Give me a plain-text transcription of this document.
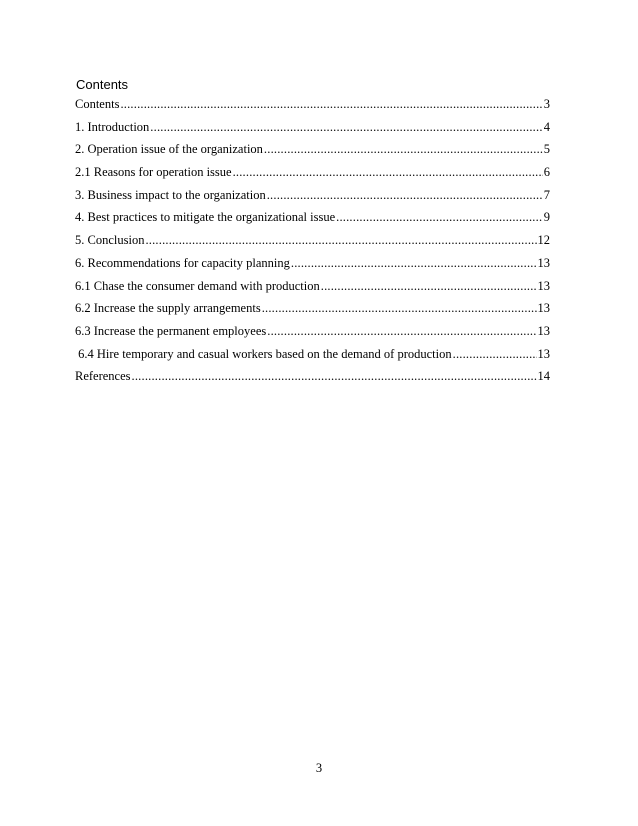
Contents
Contents .....	3
1. Introduction .....	4
2. Operation issue of the organization .....	5
2.1 Reasons for operation issue .....	6
3. Business impact to the organization .....	7
4. Best practices to mitigate the organizational issue .....	9
5. Conclusion .....	12
6. Recommendations for capacity planning .....	13
6.1 Chase the consumer demand with production .....	13
6.2 Increase the supply arrangements .....	13
6.3 Increase the permanent employees .....	13
6.4 Hire temporary and casual workers based on the demand of production .....	13
References .....	14
3
